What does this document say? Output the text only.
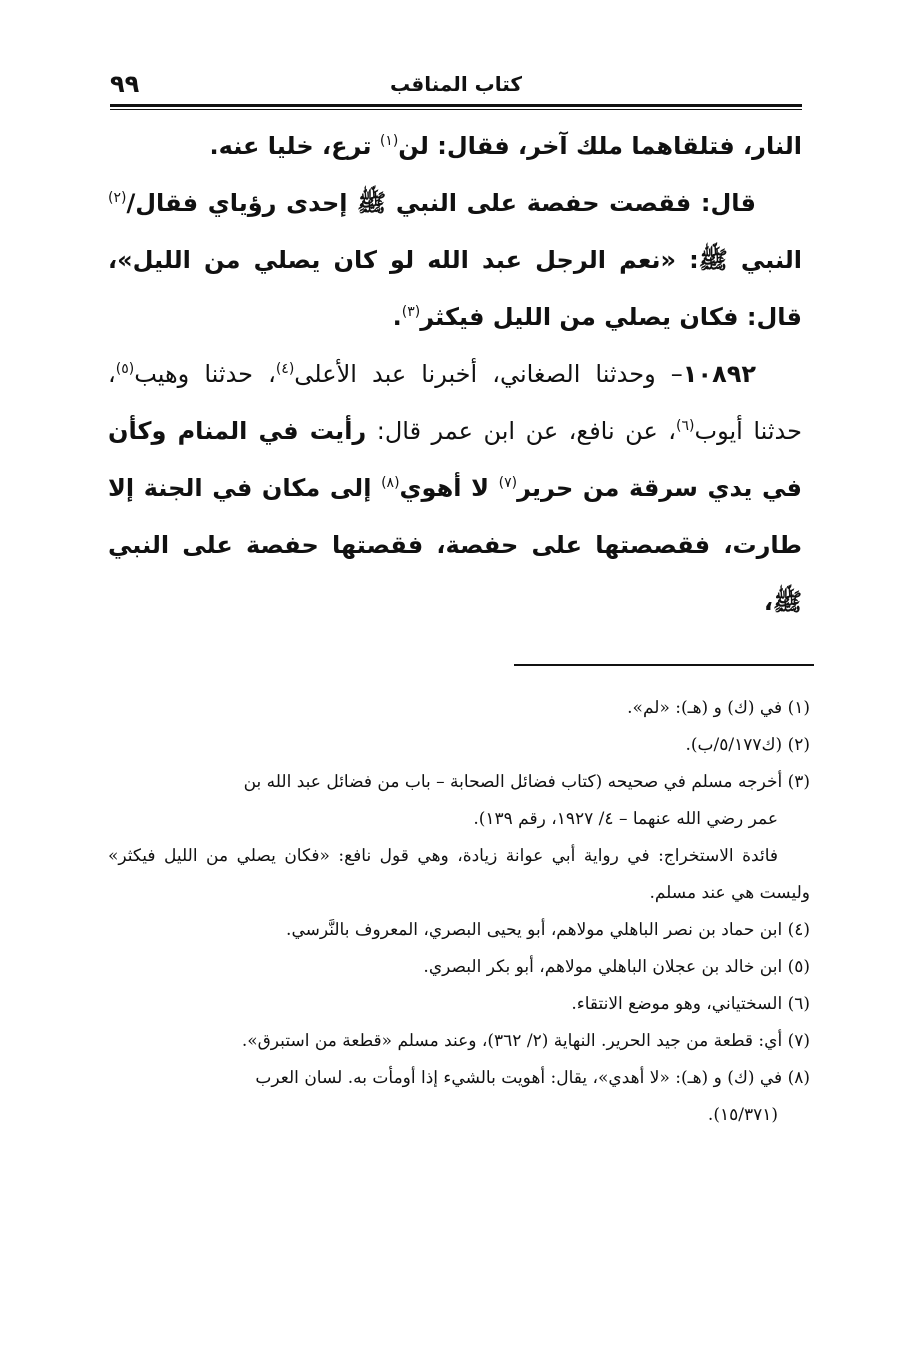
كتاب المناقب
٩٩

النار، فتلقاهما ملك آخر، فقال: لن$^{(١)}$ ترع، خليا عنه.

قال: فقصت حفصة على النبي ﷺ إحدى رؤياي فقال/$^{(٢)}$ النبي ﷺ: «نعم الرجل عبد الله لو كان يصلي من الليل»، قال: فكان يصلي من الليل فيكثر$^{(٣)}$.

١٠٨٩٢– وحدثنا الصغاني، أخبرنا عبد الأعلى$^{(٤)}$، حدثنا وهيب$^{(٥)}$، حدثنا أيوب$^{(٦)}$، عن نافع، عن ابن عمر قال: رأيت في المنام وكأن في يدي سرقة من حرير$^{(٧)}$ لا أهوي$^{(٨)}$ إلى مكان في الجنة إلا طارت، فقصصتها على حفصة، فقصتها حفصة على النبي ﷺ،

(١) في (ك) و (هـ): «لم».

(٢) (ك٥/١٧٧/ب).

(٣) أخرجه مسلم في صحيحه (كتاب فضائل الصحابة – باب من فضائل عبد الله بن

عمر رضي الله عنهما – ٤/ ١٩٢٧، رقم ١٣٩).

فائدة الاستخراج: في رواية أبي عوانة زيادة، وهي قول نافع: «فكان يصلي من الليل فيكثر» وليست هي عند مسلم.

(٤) ابن حماد بن نصر الباهلي مولاهم، أبو يحيى البصري، المعروف بالنَّرسي.

(٥) ابن خالد بن عجلان الباهلي مولاهم، أبو بكر البصري.

(٦) السختياني، وهو موضع الانتقاء.

(٧) أي: قطعة من جيد الحرير. النهاية (٢/ ٣٦٢)، وعند مسلم «قطعة من استبرق».

(٨) في (ك) و (هـ): «لا أهدي»، يقال: أهويت بالشيء إذا أومأت به. لسان العرب

(١٥/٣٧١).
